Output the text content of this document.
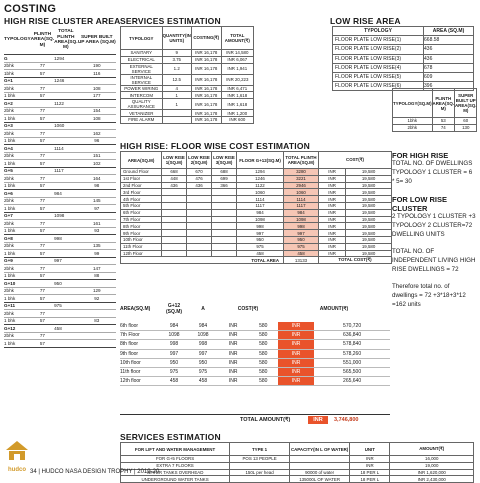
COSTING
HIGH RISE CLUSTER AREA
TYPOLOGY	PLINTH AREA(SQ. M)	TOTAL PLINTH AREA(SQ. M)	SUPER BUILT UP AREA (SQ.M)
G		1294	
2bhk	77		190
1bhk	57		116
G+1		1246	
2bhk	77		108
1 bhk	57		177
G+2		1122	
2bhk	77		154
1 bhk	57		108
G+3		1060	
2bhk	77		162
1 bhk	57		96
G+4		1114	
2bhk	77		151
1 bhk	57		102
G+5		1117	
2bhk	77		164
1 bhk	57		98
G+6		984	
2bhk	77		145
1 bhk	57		97
G+7		1098	
2bhk	77		161
1 bhk	57		93
G+8		998	
2bhk	77		135
1 bhk	57		99
G+9		997	
2bhk	77		147
1 bhk	57		88
G+10		950	
2bhk	77		129
1 bhk	57		92
G+11		975	
2bhk	77		
1 bhk	57		83
G+12		458	
2bhk	77		
1 bhk	57		
SERVICES ESTIMATION
TYPOLOGY	QUANTITY(IN UNITS)	COSTING(₹)	TOTAL AMOUNT(₹)
SANITARY	9	INR 16,178	INR 14,580
ELECTRICAL	3.75	INR 16,178	INR 6,067
EXTERNAL SERVICE	1.2	INR 16,178	INR 1,941
INTERNAL SERVICE	12.5	INR 16,178	INR 20,223
POWER WIRING	4	INR 16,178	INR 6,471
INTERCOM	1	INR 16,178	INR 1,618
QUALITY ASSURANCE	1	INR 16,178	INR 1,618
VETANIZER		INR 16,178	INR 1,200
FIRE ALARM		INR 16,178	INR 600
LOW RISE AREA
TYPOLOGY	AREA (SQ.M)
FLOOR PLATE LOW RISE(1)	668.58
FLOOR PLATE LOW RISE(2)	436
FLOOR PLATE LOW RISE(3)	436
FLOOR PLATE LOW RISE(4)	678
FLOOR PLATE LOW RISE(5)	609
FLOOR PLATE LOW RISE(6)	396
TYPOLOGY(SQ.M)	PLINTH AREA(SQ. M)	SUPER BUILT UP AREA(SQ. M)
1bhk	53	60
2bhk	74	130
HIGH RISE: FLOOR WISE COST ESTIMATION
AREA(SQ.M)	LOW RISE 1(SQ.M)	LOW RISE 2(SQ.M)	LOW RISE 3(SQ.M)	FLOOR G+12(SQ.M)	TOTAL PLINTH AREA(SQ.M)	COST(₹)	
Ground Floor	668	670	688	1294	3280	INR	19,580
1st Floor	448	476	699	1246	3221	INR	19,580
2nd Floor	436	436	366	1122	2946	INR	19,580
3rd Floor				1060	1060	INR	19,580
4th Floor				1114	1114	INR	19,580
5th Floor				1117	1117	INR	19,580
6th Floor				984	984	INR	19,580
7th Floor				1098	1098	INR	19,580
8th Floor				998	998	INR	19,580
9th Floor				997	997	INR	19,580
10th Floor				950	950	INR	19,580
11th Floor				975	975	INR	19,580
12th Floor				458	458	INR	19,580
TOTAL AREA					13133	TOTAL COST(₹)	
FOR HIGH RISE
TOTAL NO. OF DWELLINGS TYPOLOGY 1 CLUSTER = 6 * 5= 30
FOR LOW RISE CLUSTER
2 TYPOLOGY 1 CLUSTER +3 TYPOLOGY 2 CLUSTER=72 DWELLING UNITS
TOTAL NO. OF INDEPENDENT LIVING HIGH RISE DWELLINGS = 72
Therefore total no. of dwellings = 72 +3*18+3*12 =162 units
AREA(SQ.M)	G+12 (SQ.M)	A	COST(₹)		AMOUNT(₹)	
6th floor	984	984	INR	580	INR	570,720
7th Floor	1098	1098	INR	580	INR	636,840
8th floor	998	998	INR	580	INR	578,840
9th floor	997	997	INR	580	INR	578,260
10th floor	950	950	INR	580	INR	551,000
11th floor	975	975	INR	580	INR	565,500
12th floor	458	458	INR	580	INR	265,640
TOTAL AMOUNT(₹)	INR	3,746,800
SERVICES ESTIMATION
FOR LIFT AND WATER MANAGEMENT	TYPE 1	CAPACITY(IN L OF WATER)	UNIT	AMOUNT(₹)
FOR G+5 FLOORS	POS 13 PEOPLE		INR	16,000
EXTRA 7 FLOORS			INR	19,000
WATER TANKS OVERHEAD	150L per head	90000 of water	18 PER L	INR 1,620,000
UNDERGROUND WATER TANKS		135000L OF WATER	18 PER L	INR 2,430,000
hudco 34 | HUDCO NASA DESIGN TROPHY | 2019-20
